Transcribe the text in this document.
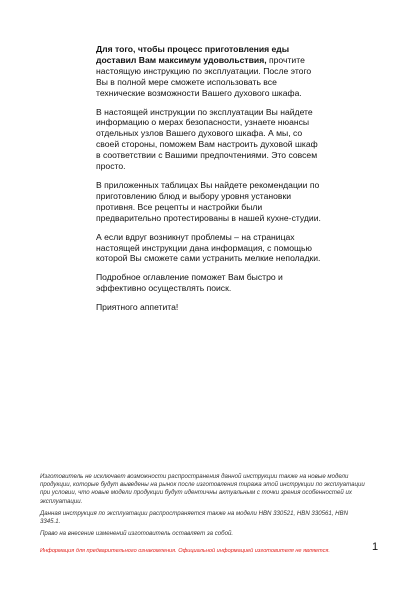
Для того, чтобы процесс приготовления еды доставил Вам максимум удовольствия, прочтите настоящую инструкцию по эксплуатации. После этого Вы в полной мере сможете использовать все технические возможности Вашего духового шкафа.

В настоящей инструкции по эксплуатации Вы найдете информацию о мерах безопасности, узнаете нюансы отдельных узлов Вашего духового шкафа. А мы, со своей стороны, поможем Вам настроить духовой шкаф в соответствии с Вашими предпочтениями. Это совсем просто.

В приложенных таблицах Вы найдете рекомендации по приготовлению блюд и выбору уровня установки противня. Все рецепты и настройки были предварительно протестированы в нашей кухне-студии.

А если вдруг возникнут проблемы – на страницах настоящей инструкции дана информация, с помощью которой Вы сможете сами устранить мелкие неполадки.

Подробное оглавление поможет Вам быстро и эффективно осуществлять поиск.

Приятного аппетита!

Изготовитель не исключает возможности распространения данной инструкции также на новые модели продукции, которые будут выведены на рынок после изготовления тиража этой инструкции по эксплуатации при условии, что новые модели продукции будут идентичны актуальным с точки зрения особенностей их эксплуатации.

Данная инструкция по эксплуатации распространяется также на модели HBN 330521, HBN 330561, HBN 3345.1.

Право на внесение изменений изготовитель оставляет за собой.

Информация для предварительного ознакомления. Официальной информацией изготовителя не является.	1
